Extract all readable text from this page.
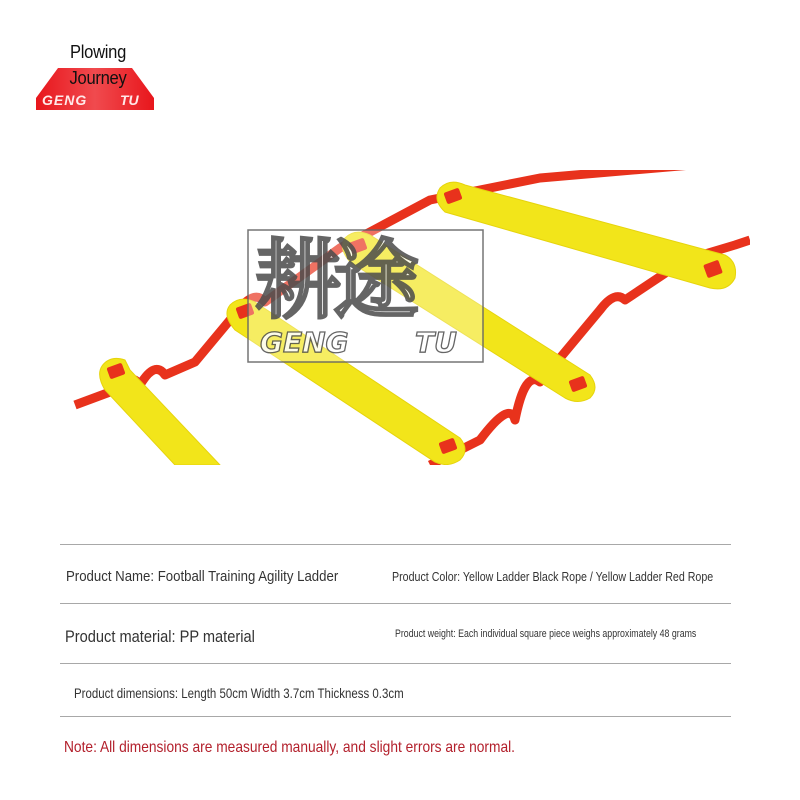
Plowing
Journey
GENG TU
耕途
GENG TU
Product Name: Football Training Agility Ladder	Product Color: Yellow Ladder Black Rope / Yellow Ladder Red Rope
Product material: PP material	Product weight: Each individual square piece weighs approximately 48 grams
Product dimensions: Length 50cm Width 3.7cm Thickness 0.3cm
Note: All dimensions are measured manually, and slight errors are normal.
